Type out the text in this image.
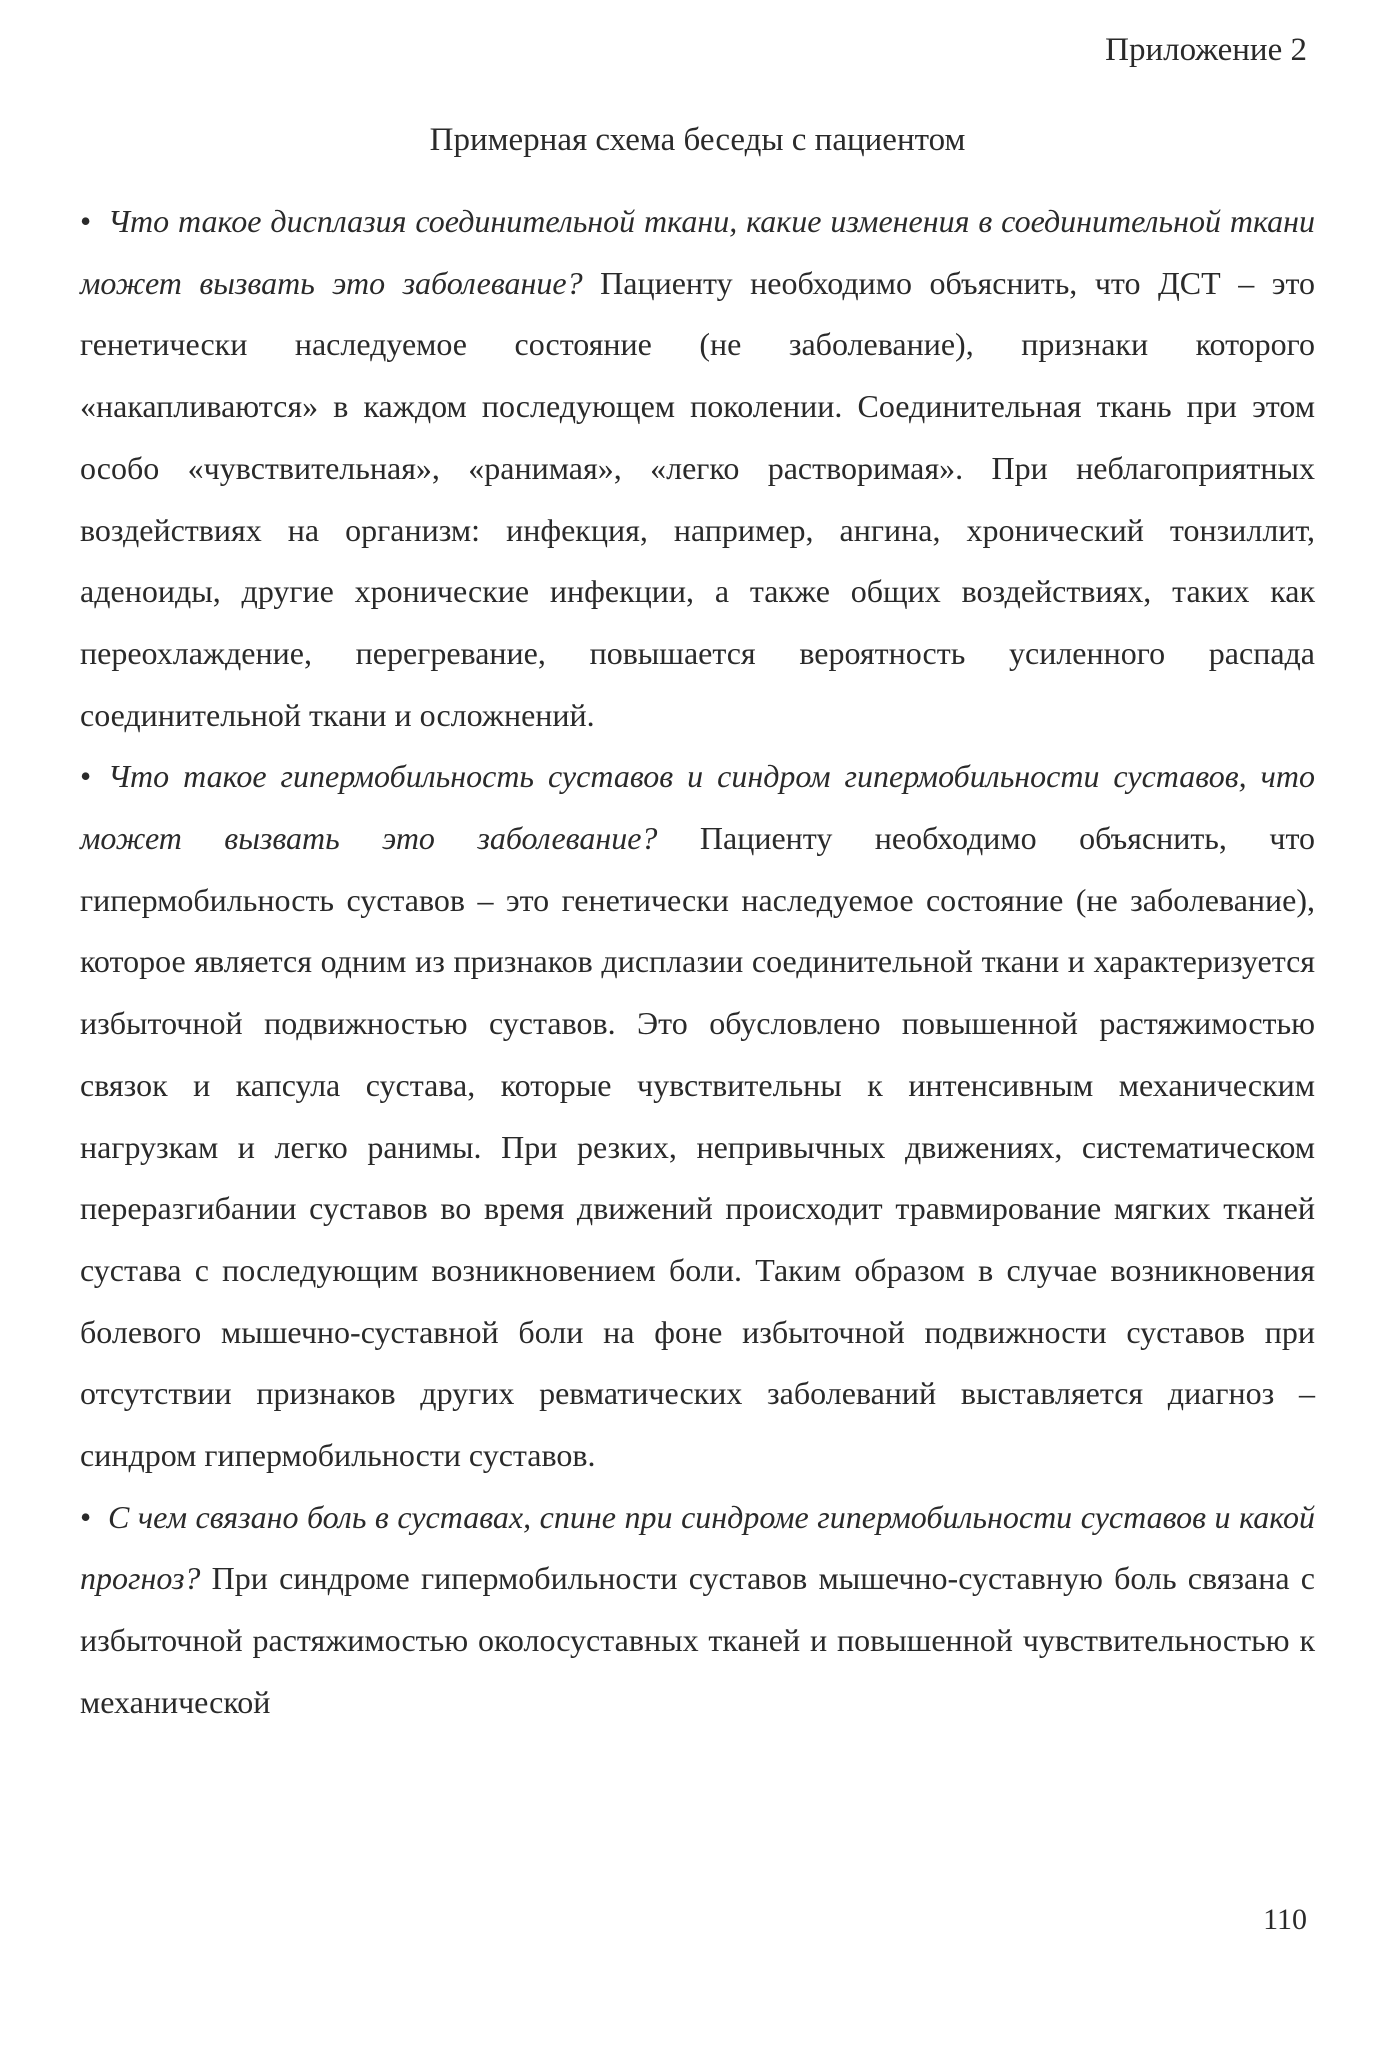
Приложение 2

Примерная схема беседы с пациентом

• Что такое дисплазия соединительной ткани, какие изменения в соединительной ткани может вызвать это заболевание? Пациенту необходимо объяснить, что ДСТ – это генетически наследуемое состояние (не заболевание), признаки которого «накапливаются» в каждом последующем поколении. Соединительная ткань при этом особо «чувствительная», «ранимая», «легко растворимая». При неблагоприятных воздействиях на организм: инфекция, например, ангина, хронический тонзиллит, аденоиды, другие хронические инфекции, а также общих воздействиях, таких как переохлаждение, перегревание, повышается вероятность усиленного распада соединительной ткани и осложнений.

• Что такое гипермобильность суставов и синдром гипермобильности суставов, что может вызвать это заболевание? Пациенту необходимо объяснить, что гипермобильность суставов – это генетически наследуемое состояние (не заболевание), которое является одним из признаков дисплазии соединительной ткани и характеризуется избыточной подвижностью суставов. Это обусловлено повышенной растяжимостью связок и капсула сустава, которые чувствительны к интенсивным механическим нагрузкам и легко ранимы. При резких, непривычных движениях, систематическом переразгибании суставов во время движений происходит травмирование мягких тканей сустава с последующим возникновением боли. Таким образом в случае возникновения болевого мышечно-суставной боли на фоне избыточной подвижности суставов при отсутствии признаков других ревматических заболеваний выставляется диагноз – синдром гипермобильности суставов.

• С чем связано боль в суставах, спине при синдроме гипермобильности суставов и какой прогноз? При синдроме гипермобильности суставов мышечно-суставную боль связана с избыточной растяжимостью околосуставных тканей и повышенной чувствительностью к механической

110
